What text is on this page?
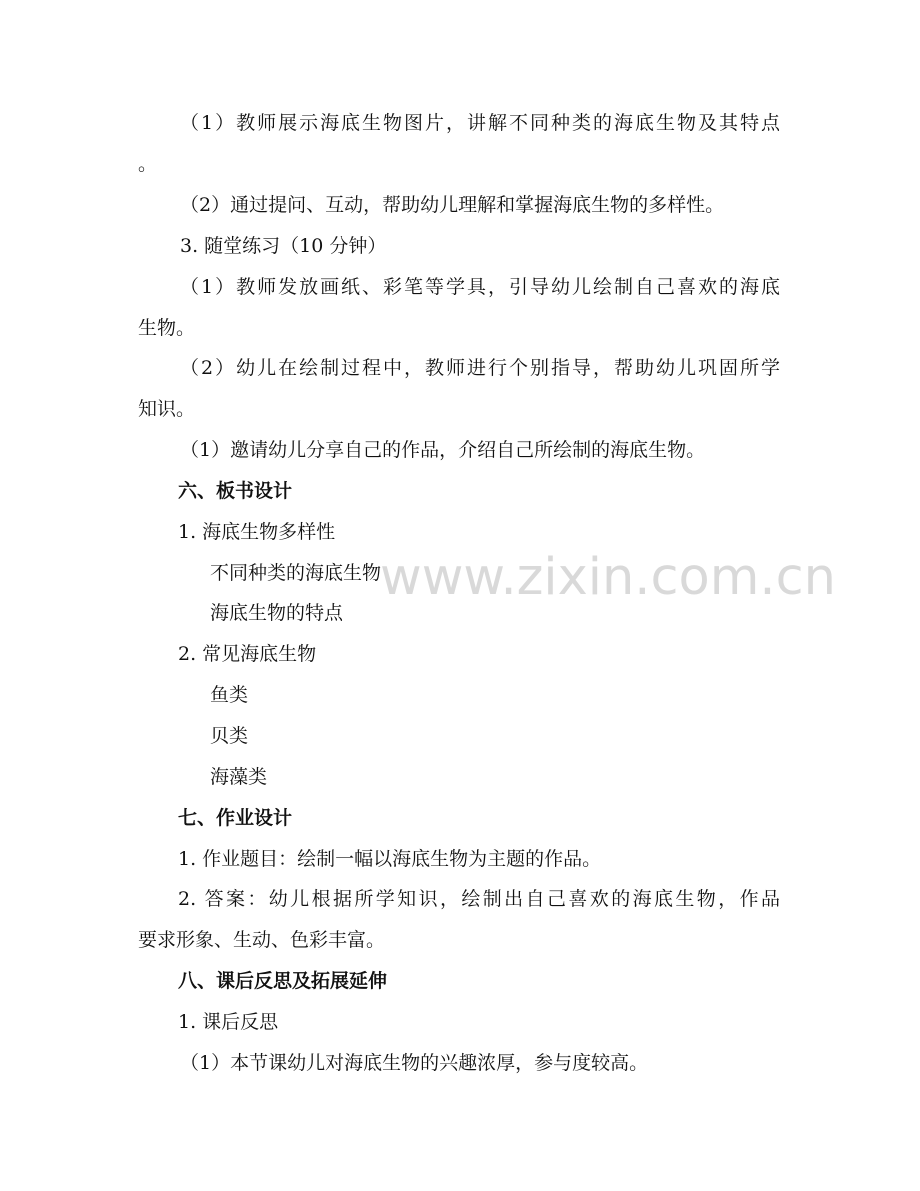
www.zixin.com.cn
（1）教师展示海底生物图片，讲解不同种类的海底生物及其特点
。
（2）通过提问、互动，帮助幼儿理解和掌握海底生物的多样性。
3. 随堂练习（10 分钟）
（1）教师发放画纸、彩笔等学具，引导幼儿绘制自己喜欢的海底
生物。
（2）幼儿在绘制过程中，教师进行个别指导，帮助幼儿巩固所学
知识。
（1）邀请幼儿分享自己的作品，介绍自己所绘制的海底生物。
六、板书设计
1. 海底生物多样性
不同种类的海底生物
海底生物的特点
2. 常见海底生物
鱼类
贝类
海藻类
七、作业设计
1. 作业题目：绘制一幅以海底生物为主题的作品。
2. 答案：幼儿根据所学知识，绘制出自己喜欢的海底生物，作品
要求形象、生动、色彩丰富。
八、课后反思及拓展延伸
1. 课后反思
（1）本节课幼儿对海底生物的兴趣浓厚，参与度较高。
